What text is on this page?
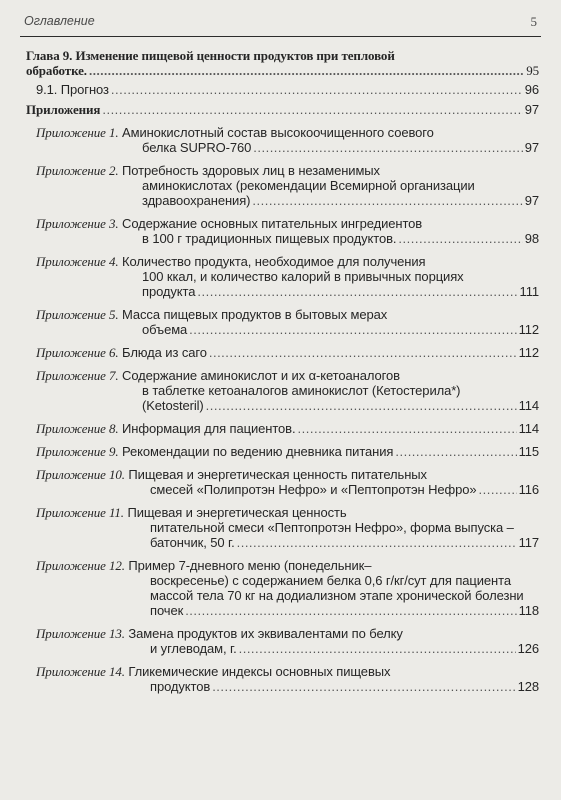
Оглавление	5
Глава 9. Изменение пищевой ценности продуктов при тепловой
обработке. .....	95
9.1. Прогноз .....	96
Приложения .....	97
Приложение 1. Аминокислотный состав высокоочищенного соевого
белка SUPRO-760 .....	97
Приложение 2. Потребность здоровых лиц в незаменимых
аминокислотах (рекомендации Всемирной организации
здравоохранения) .....	97
Приложение 3. Содержание основных питательных ингредиентов
в 100 г традиционных пищевых продуктов. .....	98
Приложение 4. Количество продукта, необходимое для получения
100 ккал, и количество калорий в привычных порциях
продукта .....	111
Приложение 5. Масса пищевых продуктов в бытовых мерах
объема .....	112
Приложение 6. Блюда из саго .....	112
Приложение 7. Содержание аминокислот и их α-кетоаналогов
в таблетке кетоаналогов аминокислот (Кетостерила*)
(Ketosteril) .....	114
Приложение 8. Информация для пациентов. .....	114
Приложение 9. Рекомендации по ведению дневника питания .....	115
Приложение 10. Пищевая и энергетическая ценность питательных
смесей «Полипротэн Нефро» и «Пептопротэн Нефро» .....	116
Приложение 11. Пищевая и энергетическая ценность
питательной смеси «Пептопротэн Нефро», форма выпуска –
батончик, 50 г. .....	117
Приложение 12. Пример 7-дневного меню (понедельник–
воскресенье) с содержанием белка 0,6 г/кг/сут для пациента
массой тела 70 кг на додиализном этапе хронической болезни
почек .....	118
Приложение 13. Замена продуктов их эквивалентами по белку
и углеводам, г. .....	126
Приложение 14. Гликемические индексы основных пищевых
продуктов .....	128
